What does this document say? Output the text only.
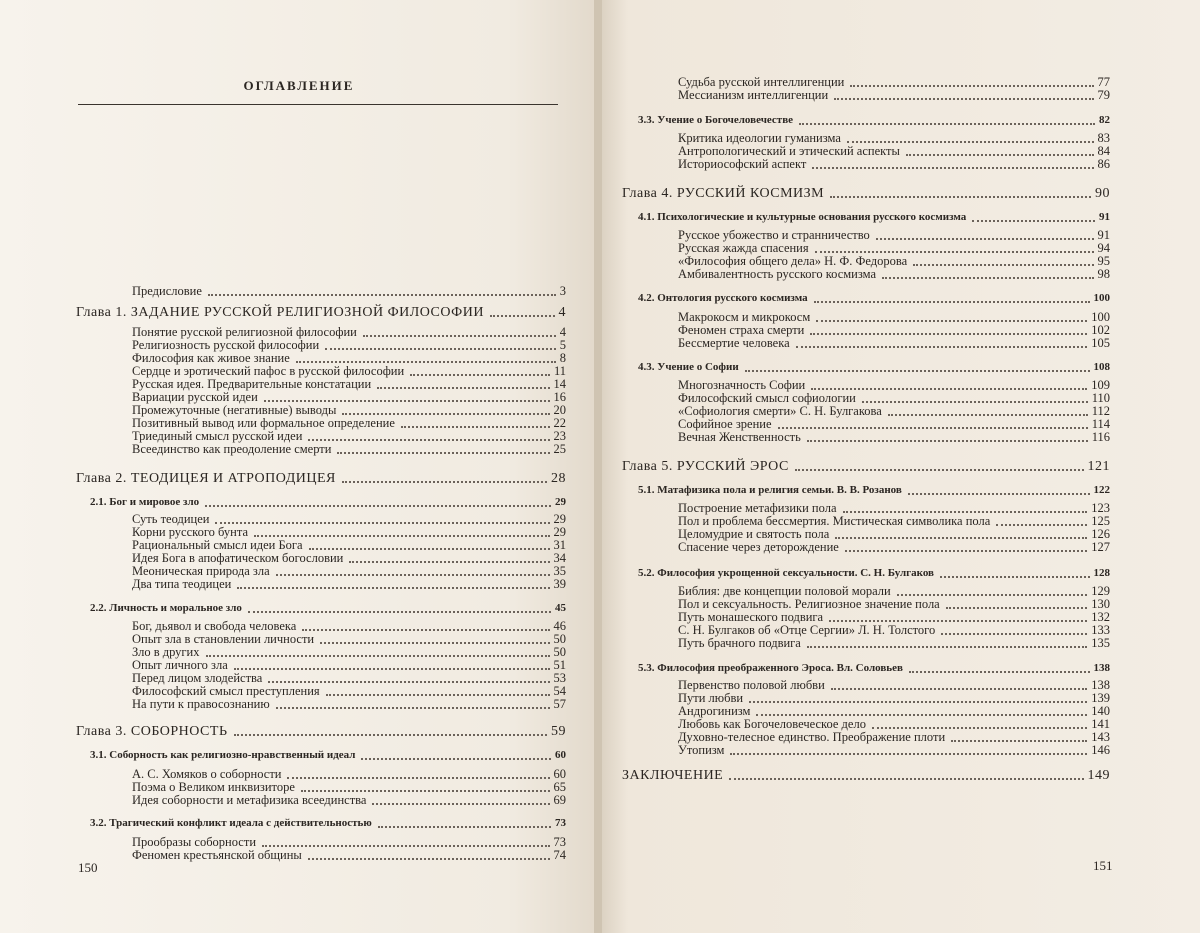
ОГЛАВЛЕНИЕ
Предисловие	3
Глава 1. ЗАДАНИЕ РУССКОЙ РЕЛИГИОЗНОЙ ФИЛОСОФИИ	4
Понятие русской религиозной философии	4
Религиозность русской философии	5
Философия как живое знание	8
Сердце и эротический пафос в русской философии	11
Русская идея. Предварительные констатации	14
Вариации русской идеи	16
Промежуточные (негативные) выводы	20
Позитивный вывод или формальное определение	22
Триединый смысл русской идеи	23
Всеединство как преодоление смерти	25
Глава 2. ТЕОДИЦЕЯ И АТРОПОДИЦЕЯ	28
2.1. Бог и мировое зло	29
Суть теодицеи	29
Корни русского бунта	29
Рациональный смысл идеи Бога	31
Идея Бога в апофатическом богословии	34
Меоническая природа зла	35
Два типа теодицеи	39
2.2. Личность и моральное зло	45
Бог, дьявол и свобода человека	46
Опыт зла в становлении личности	50
Зло в других	50
Опыт личного зла	51
Перед лицом злодейства	53
Философский смысл преступления	54
На пути к правосознанию	57
Глава 3. СОБОРНОСТЬ	59
3.1. Соборность как религиозно-нравственный идеал	60
А. С. Хомяков о соборности	60
Поэма о Великом инквизиторе	65
Идея соборности и метафизика всеединства	69
3.2. Трагический конфликт идеала с действительностью	73
Прообразы соборности	73
Феномен крестьянской общины	74
150
Судьба русской интеллигенции	77
Мессианизм интеллигенции	79
3.3. Учение о Богочеловечестве	82
Критика идеологии гуманизма	83
Антропологический и этический аспекты	84
Историософский аспект	86
Глава 4. РУССКИЙ КОСМИЗМ	90
4.1. Психологические и культурные основания русского космизма	91
Русское убожество и странничество	91
Русская жажда спасения	94
«Философия общего дела» Н. Ф. Федорова	95
Амбивалентность русского космизма	98
4.2. Онтология русского космизма	100
Макрокосм и микрокосм	100
Феномен страха смерти	102
Бессмертие человека	105
4.3. Учение о Софии	108
Многозначность Софии	109
Философский смысл софиологии	110
«Софиология смерти» С. Н. Булгакова	112
Софийное зрение	114
Вечная Женственность	116
Глава 5. РУССКИЙ ЭРОС	121
5.1. Матафизика пола и религия семьи. В. В. Розанов	122
Построение метафизики пола	123
Пол и проблема бессмертия. Мистическая символика пола	125
Целомудрие и святость пола	126
Спасение через деторождение	127
5.2. Философия укрощенной сексуальности. С. Н. Булгаков	128
Библия: две концепции половой морали	129
Пол и сексуальность. Религиозное значение пола	130
Путь монашеского подвига	132
С. Н. Булгаков об «Отце Сергии» Л. Н. Толстого	133
Путь брачного подвига	135
5.3. Философия преображенного Эроса. Вл. Соловьев	138
Первенство половой любви	138
Пути любви	139
Андрогинизм	140
Любовь как Богочеловеческое дело	141
Духовно-телесное единство. Преображение плоти	143
Утопизм	146
ЗАКЛЮЧЕНИЕ	149
151
